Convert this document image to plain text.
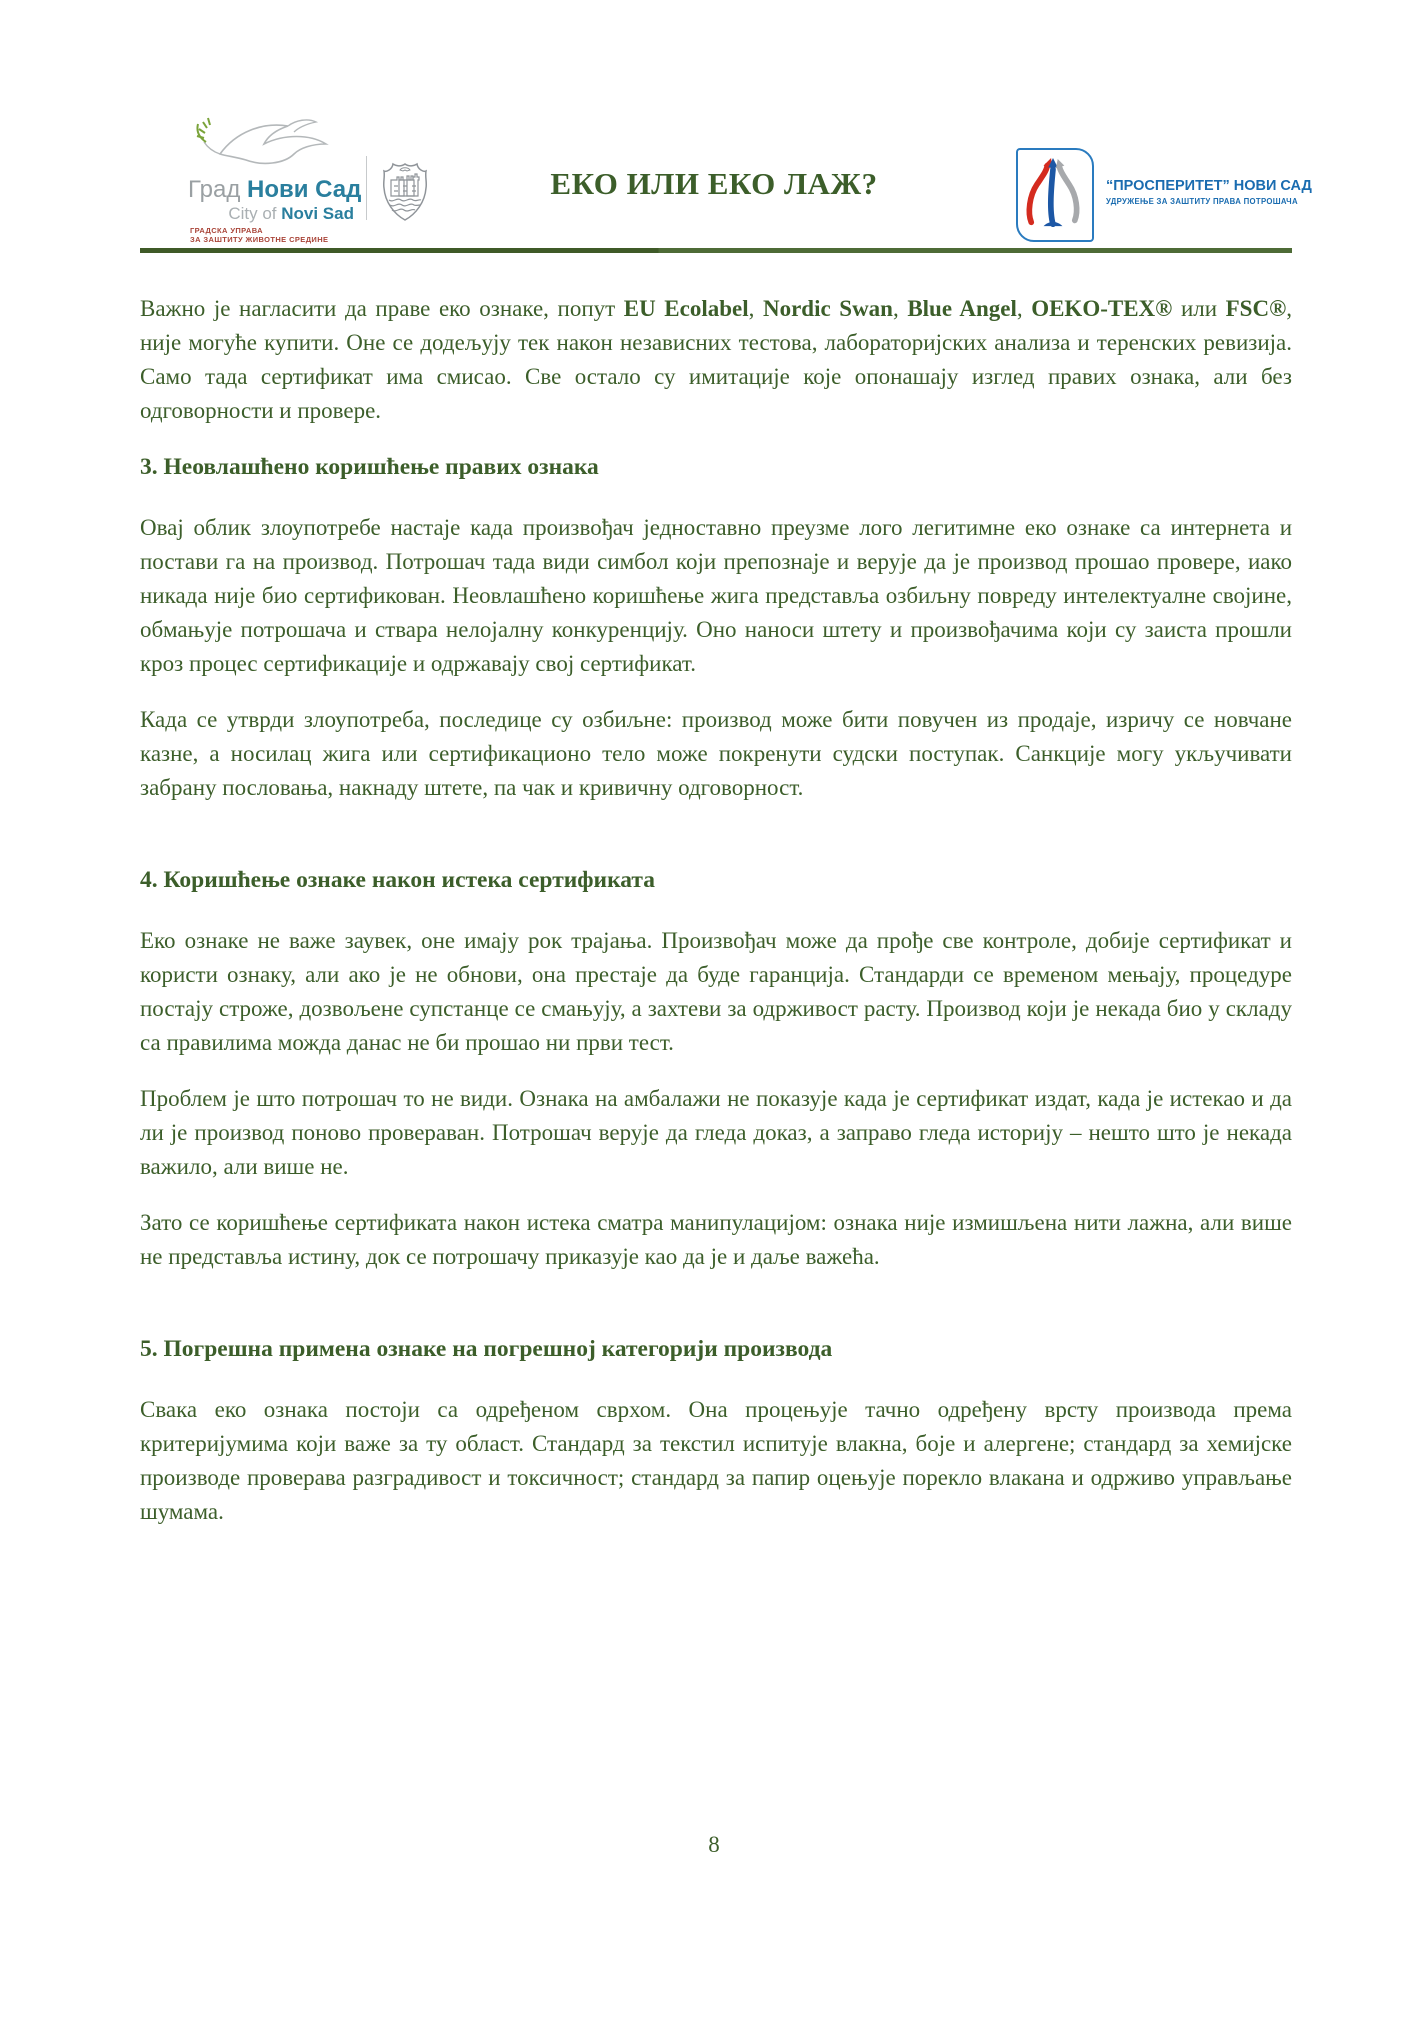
Град Нови Сад
City of Novi Sad
ГРАДСКА УПРАВА
ЗА ЗАШТИТУ ЖИВОТНЕ СРЕДИНЕ
ЕКО ИЛИ ЕКО ЛАЖ?	“ПРОСПЕРИТЕТ” НОВИ САД
УДРУЖЕЊЕ ЗА ЗАШТИТУ ПРАВА ПОТРОШАЧА

Важно је нагласити да праве еко ознаке, попут EU Ecolabel, Nordic Swan, Blue Angel, OEKO-TEX® или FSC®, није могуће купити. Оне се додељују тек након независних тестова, лабораторијских анализа и теренских ревизија. Само тада сертификат има смисао. Све остало су имитације које опонашају изглед правих ознака, али без одговорности и провере.

3. Неовлашћено коришћење правих ознака

Овај облик злоупотребе настаје када произвођач једноставно преузме лого легитимне еко ознаке са интернета и постави га на производ. Потрошач тада види симбол који препознаје и верује да је производ прошао провере, иако никада није био сертификован. Неовлашћено коришћење жига представља озбиљну повреду интелектуалне својине, обмањује потрошача и ствара нелојалну конкуренцију. Оно наноси штету и произвођачима који су заиста прошли кроз процес сертификације и одржавају свој сертификат.

Када се утврди злоупотреба, последице су озбиљне: производ може бити повучен из продаје, изричу се новчане казне, а носилац жига или сертификационо тело може покренути судски поступак. Санкције могу укључивати забрану пословања, накнаду штете, па чак и кривичну одговорност.

4. Коришћење ознаке након истека сертификата

Еко ознаке не важе заувек, оне имају рок трајања. Произвођач може да прође све контроле, добије сертификат и користи ознаку, али ако је не обнови, она престаје да буде гаранција. Стандарди се временом мењају, процедуре постају строже, дозвољене супстанце се смањују, а захтеви за одрживост расту. Производ који је некада био у складу са правилима можда данас не би прошао ни први тест.

Проблем је што потрошач то не види. Ознака на амбалажи не показује када је сертификат издат, када је истекао и да ли је производ поново провераван. Потрошач верује да гледа доказ, а заправо гледа историју – нешто што је некада важило, али више не.

Зато се коришћење сертификата након истека сматра манипулацијом: ознака није измишљена нити лажна, али више не представља истину, док се потрошачу приказује као да је и даље важећа.

5. Погрешна примена ознаке на погрешној категорији производа

Свака еко ознака постоји са одређеном сврхом. Она процењује тачно одређену врсту производа према критеријумима који важе за ту област. Стандард за текстил испитује влакна, боје и алергене; стандард за хемијске производе проверава разградивост и токсичност; стандард за папир оцењује порекло влакана и одрживо управљање шумама.

8
